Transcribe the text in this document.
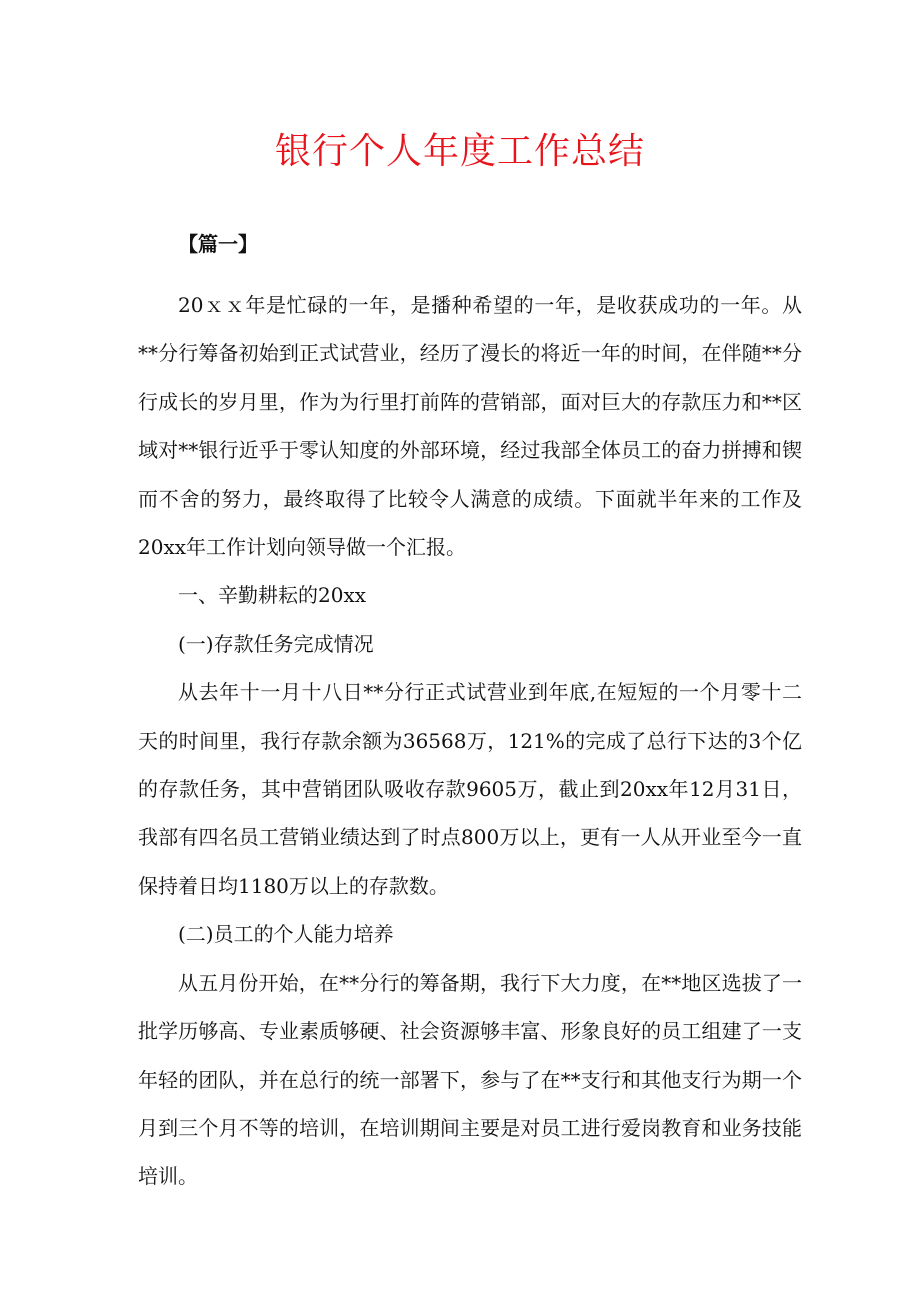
银行个人年度工作总结

【篇一】

20ｘｘ年是忙碌的一年，是播种希望的一年，是收获成功的一年。从**分行筹备初始到正式试营业，经历了漫长的将近一年的时间，在伴随**分行成长的岁月里，作为为行里打前阵的营销部，面对巨大的存款压力和**区域对**银行近乎于零认知度的外部环境，经过我部全体员工的奋力拼搏和锲而不舍的努力，最终取得了比较令人满意的成绩。下面就半年来的工作及20xx年工作计划向领导做一个汇报。

一、辛勤耕耘的20xx

(一)存款任务完成情况

从去年十一月十八日**分行正式试营业到年底,在短短的一个月零十二天的时间里，我行存款余额为36568万，121%的完成了总行下达的3个亿的存款任务，其中营销团队吸收存款9605万，截止到20xx年12月31日，我部有四名员工营销业绩达到了时点800万以上，更有一人从开业至今一直保持着日均1180万以上的存款数。

(二)员工的个人能力培养

从五月份开始，在**分行的筹备期，我行下大力度，在**地区选拔了一批学历够高、专业素质够硬、社会资源够丰富、形象良好的员工组建了一支年轻的团队，并在总行的统一部署下，参与了在**支行和其他支行为期一个月到三个月不等的培训，在培训期间主要是对员工进行爱岗教育和业务技能培训。
